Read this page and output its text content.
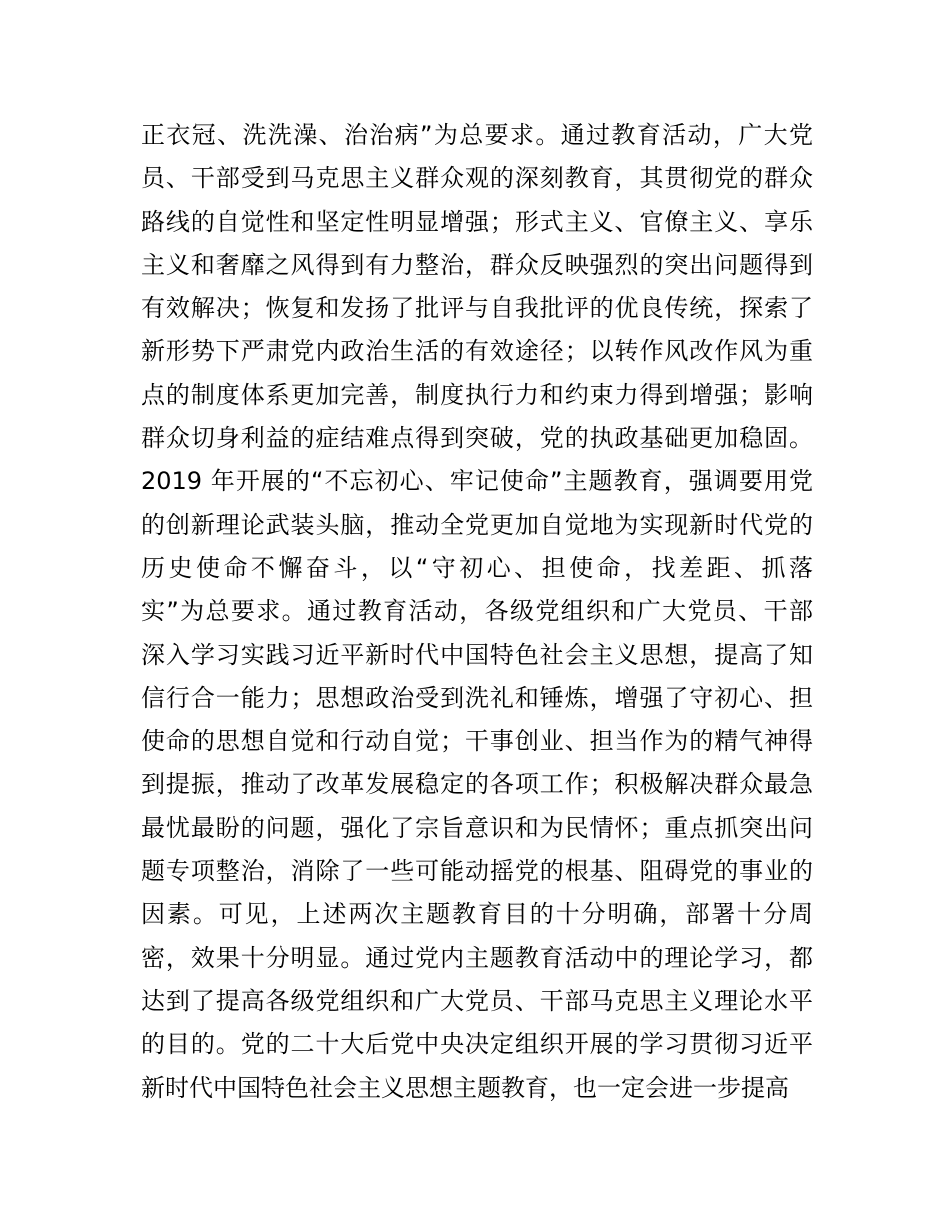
正衣冠、洗洗澡、治治病”为总要求。通过教育活动，广大党
员、干部受到马克思主义群众观的深刻教育，其贯彻党的群众
路线的自觉性和坚定性明显增强；形式主义、官僚主义、享乐
主义和奢靡之风得到有力整治，群众反映强烈的突出问题得到
有效解决；恢复和发扬了批评与自我批评的优良传统，探索了
新形势下严肃党内政治生活的有效途径；以转作风改作风为重
点的制度体系更加完善，制度执行力和约束力得到增强；影响
群众切身利益的症结难点得到突破，党的执政基础更加稳固。
2019 年开展的“不忘初心、牢记使命”主题教育，强调要用党
的创新理论武装头脑，推动全党更加自觉地为实现新时代党的
历史使命不懈奋斗，以“守初心、担使命，找差距、抓落
实”为总要求。通过教育活动，各级党组织和广大党员、干部
深入学习实践习近平新时代中国特色社会主义思想，提高了知
信行合一能力；思想政治受到洗礼和锤炼，增强了守初心、担
使命的思想自觉和行动自觉；干事创业、担当作为的精气神得
到提振，推动了改革发展稳定的各项工作；积极解决群众最急
最忧最盼的问题，强化了宗旨意识和为民情怀；重点抓突出问
题专项整治，消除了一些可能动摇党的根基、阻碍党的事业的
因素。可见，上述两次主题教育目的十分明确，部署十分周
密，效果十分明显。通过党内主题教育活动中的理论学习，都
达到了提高各级党组织和广大党员、干部马克思主义理论水平
的目的。党的二十大后党中央决定组织开展的学习贯彻习近平
新时代中国特色社会主义思想主题教育，也一定会进一步提高
